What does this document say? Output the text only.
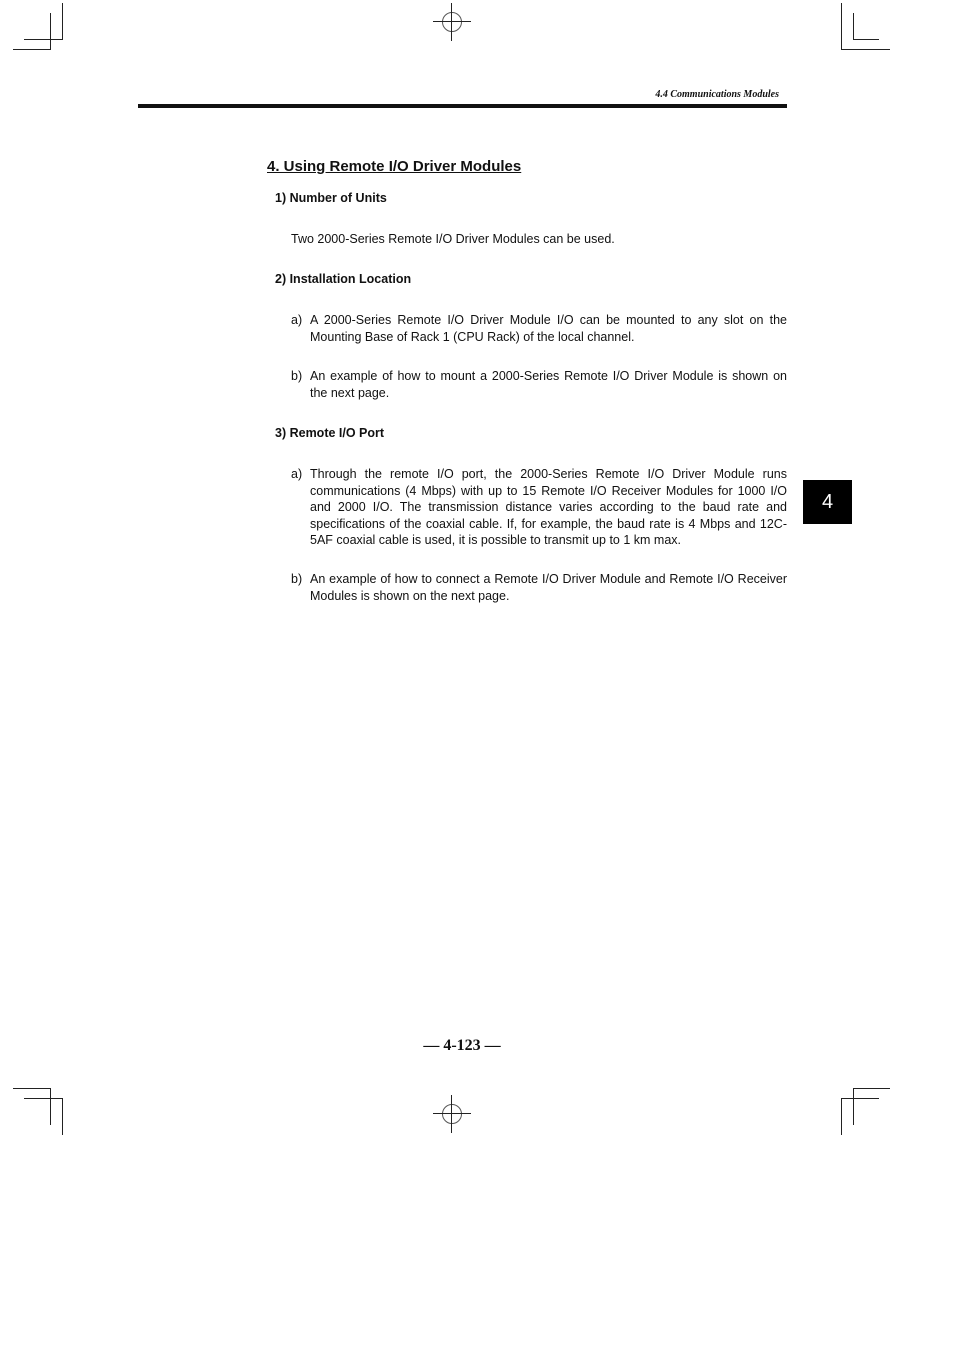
4.4 Communications Modules
4. Using Remote I/O Driver Modules
1) Number of Units

Two 2000-Series Remote I/O Driver Modules can be used.

2) Installation Location
a) A 2000-Series Remote I/O Driver Module I/O can be mounted to any slot on the Mounting Base of Rack 1 (CPU Rack) of the local channel.
b) An example of how to mount a 2000-Series Remote I/O Driver Module is shown on the next page.
3) Remote I/O Port
a) Through the remote I/O port, the 2000-Series Remote I/O Driver Module runs communications (4 Mbps) with up to 15 Remote I/O Receiver Modules for 1000 I/O and 2000 I/O. The transmission distance varies according to the baud rate and specifications of the coaxial cable. If, for example, the baud rate is 4 Mbps and 12C-5AF coaxial cable is used, it is possible to transmit up to 1 km max.
b) An example of how to connect a Remote I/O Driver Module and Remote I/O Receiver Modules is shown on the next page.
4
— 4-123 —
